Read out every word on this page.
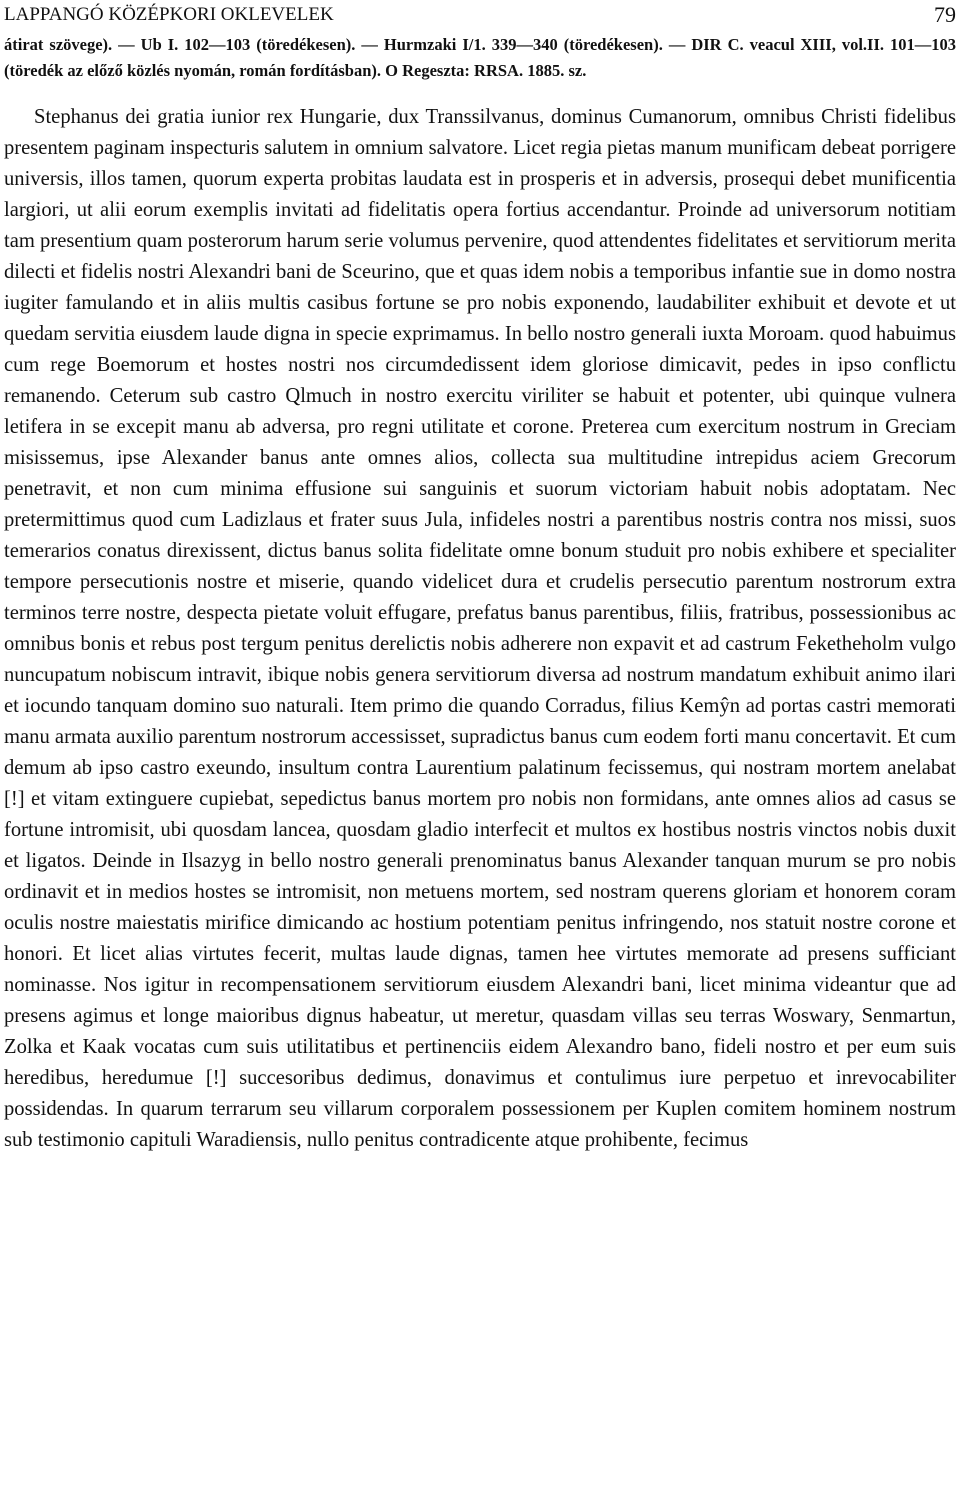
LAPPANGÓ KÖZÉPKORI OKLEVELEK	79

átirat szövege). — Ub I. 102—103 (töredékesen). — Hurmzaki I/1. 339—340 (töredékesen). — DIR C. veacul XIII, vol.II. 101—103 (töredék az előző közlés nyomán, román fordításban). O Regeszta: RRSA. 1885. sz.

Stephanus dei gratia iunior rex Hungarie, dux Transsilvanus, dominus Cumanorum, omnibus Christi fidelibus presentem paginam inspecturis salutem in omnium salvatore. Licet regia pietas manum munificam debeat porrigere universis, illos tamen, quorum experta probitas laudata est in prosperis et in adversis, prosequi debet munificentia largiori, ut alii eorum exemplis invitati ad fidelitatis opera fortius accendantur. Proinde ad universorum notitiam tam presentium quam posterorum harum serie volumus pervenire, quod attendentes fidelitates et servitiorum merita dilecti et fidelis nostri Alexandri bani de Sceurino, que et quas idem nobis a temporibus infantie sue in domo nostra iugiter famulando et in aliis multis casibus fortune se pro nobis exponendo, laudabiliter exhibuit et devote et ut quedam servitia eiusdem laude digna in specie exprimamus. In bello nostro generali iuxta Moroam. quod habuimus cum rege Boemorum et hostes nostri nos circumdedissent idem gloriose dimicavit, pedes in ipso conflictu remanendo. Ceterum sub castro Qlmuch in nostro exercitu viriliter se habuit et potenter, ubi quinque vulnera letifera in se excepit manu ab adversa, pro regni utilitate et corone. Preterea cum exercitum nostrum in Greciam misissemus, ipse Alexander banus ante omnes alios, collecta sua multitudine intrepidus aciem Grecorum penetravit, et non cum minima effusione sui sanguinis et suorum victoriam habuit nobis adoptatam. Nec pretermittimus quod cum Ladizlaus et frater suus Jula, infideles nostri a parentibus nostris contra nos missi, suos temerarios conatus direxissent, dictus banus solita fidelitate omne bonum studuit pro nobis exhibere et specialiter tempore persecutionis nostre et miserie, quando videlicet dura et crudelis persecutio parentum nostrorum extra terminos terre nostre, despecta pietate voluit effugare, prefatus banus parentibus, filiis, fratribus, possessionibus ac omnibus bonis et rebus post tergum penitus derelictis nobis adherere non expavit et ad castrum Feketheholm vulgo nuncupatum nobiscum intravit, ibique nobis genera servitiorum diversa ad nostrum mandatum exhibuit animo ilari et iocundo tanquam domino suo naturali. Item primo die quando Corradus, filius Kemŷn ad portas castri memorati manu armata auxilio parentum nostrorum accessisset, supradictus banus cum eodem forti manu concertavit. Et cum demum ab ipso castro exeundo, insultum contra Laurentium palatinum fecissemus, qui nostram mortem anelabat [!] et vitam extinguere cupiebat, sepedictus banus mortem pro nobis non formidans, ante omnes alios ad casus se fortune intromisit, ubi quosdam lancea, quosdam gladio interfecit et multos ex hostibus nostris vinctos nobis duxit et ligatos. Deinde in Ilsazyg in bello nostro generali prenominatus banus Alexander tanquan murum se pro nobis ordinavit et in medios hostes se intromisit, non metuens mortem, sed nostram querens gloriam et honorem coram oculis nostre maiestatis mirifice dimicando ac hostium potentiam penitus infringendo, nos statuit nostre corone et honori. Et licet alias virtutes fecerit, multas laude dignas, tamen hee virtutes memorate ad presens sufficiant nominasse. Nos igitur in recompensationem servitiorum eiusdem Alexandri bani, licet minima videantur que ad presens agimus et longe maioribus dignus habeatur, ut meretur, quasdam villas seu terras Woswary, Senmartun, Zolka et Kaak vocatas cum suis utilitatibus et pertinenciis eidem Alexandro bano, fideli nostro et per eum suis heredibus, heredumue [!] succesoribus dedimus, donavimus et contulimus iure perpetuo et inrevocabiliter possidendas. In quarum terrarum seu villarum corporalem possessionem per Kuplen comitem hominem nostrum sub testimonio capituli Waradiensis, nullo penitus contradicente atque prohibente, fecimus
